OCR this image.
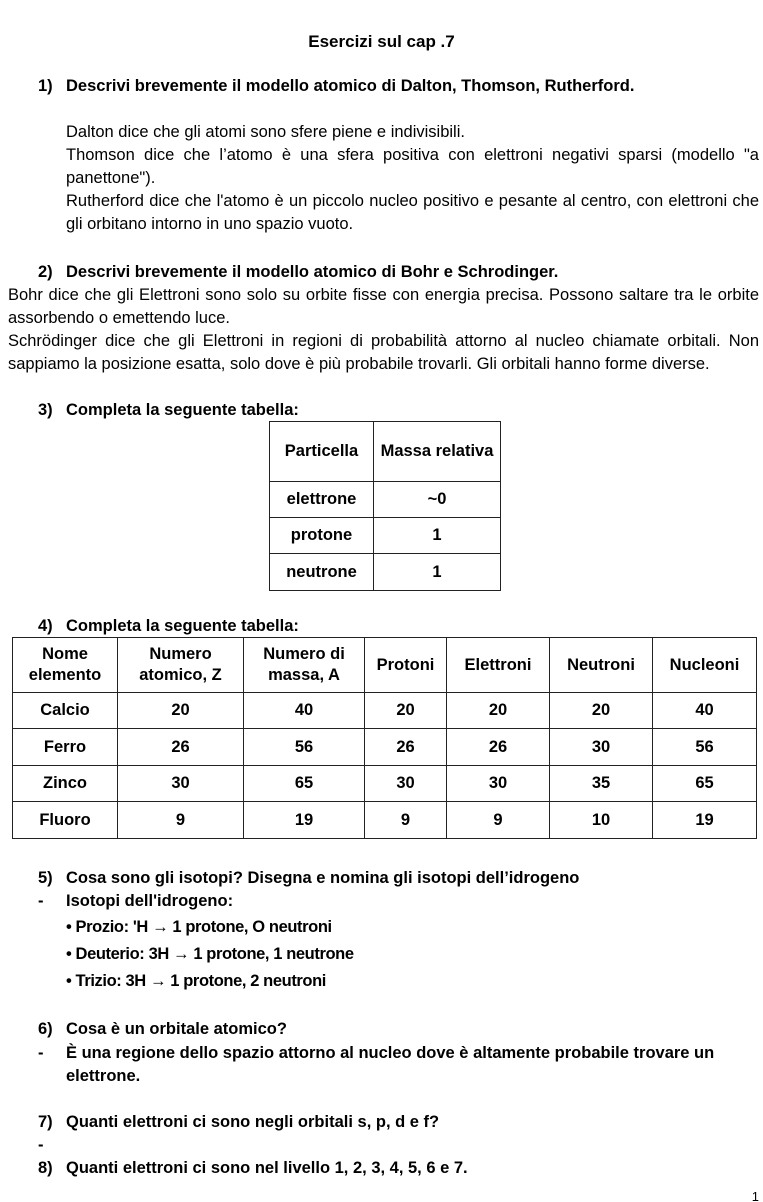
Esercizi sul cap .7
1) Descrivi brevemente il modello atomico di Dalton, Thomson, Rutherford.
Dalton dice che gli atomi sono sfere piene e indivisibili.
Thomson dice che l’atomo è una sfera positiva con elettroni negativi sparsi (modello "a panettone").
Rutherford dice che l'atomo è un piccolo nucleo positivo e pesante al centro, con elettroni che gli orbitano intorno in uno spazio vuoto.
2) Descrivi brevemente il modello atomico di Bohr e Schrodinger.
Bohr dice che gli Elettroni sono solo su orbite fisse con energia precisa. Possono saltare tra le orbite assorbendo o emettendo luce.
Schrödinger dice che gli Elettroni in regioni di probabilità attorno al nucleo chiamate orbitali. Non sappiamo la posizione esatta, solo dove è più probabile trovarli. Gli orbitali hanno forme diverse.
3) Completa la seguente tabella:
Particella	Massa relativa
elettrone	~0
protone	1
neutrone	1
4) Completa la seguente tabella:
Nome elemento	Numero atomico, Z	Numero di massa, A	Protoni	Elettroni	Neutroni	Nucleoni
Calcio	20	40	20	20	20	40
Ferro	26	56	26	26	30	56
Zinco	30	65	30	30	35	65
Fluoro	9	19	9	9	10	19
5) Cosa sono gli isotopi? Disegna e nomina gli isotopi dell’idrogeno
- Isotopi dell'idrogeno:
• Prozio: 'H → 1 protone, O neutroni
• Deuterio: 3H → 1 protone, 1 neutrone
• Trizio: 3H → 1 protone, 2 neutroni
6) Cosa è un orbitale atomico?
- È una regione dello spazio attorno al nucleo dove è altamente probabile trovare un elettrone.
7) Quanti elettroni ci sono negli orbitali s, p, d e f?
-
8) Quanti elettroni ci sono nel livello 1, 2, 3, 4, 5, 6 e 7.
1
